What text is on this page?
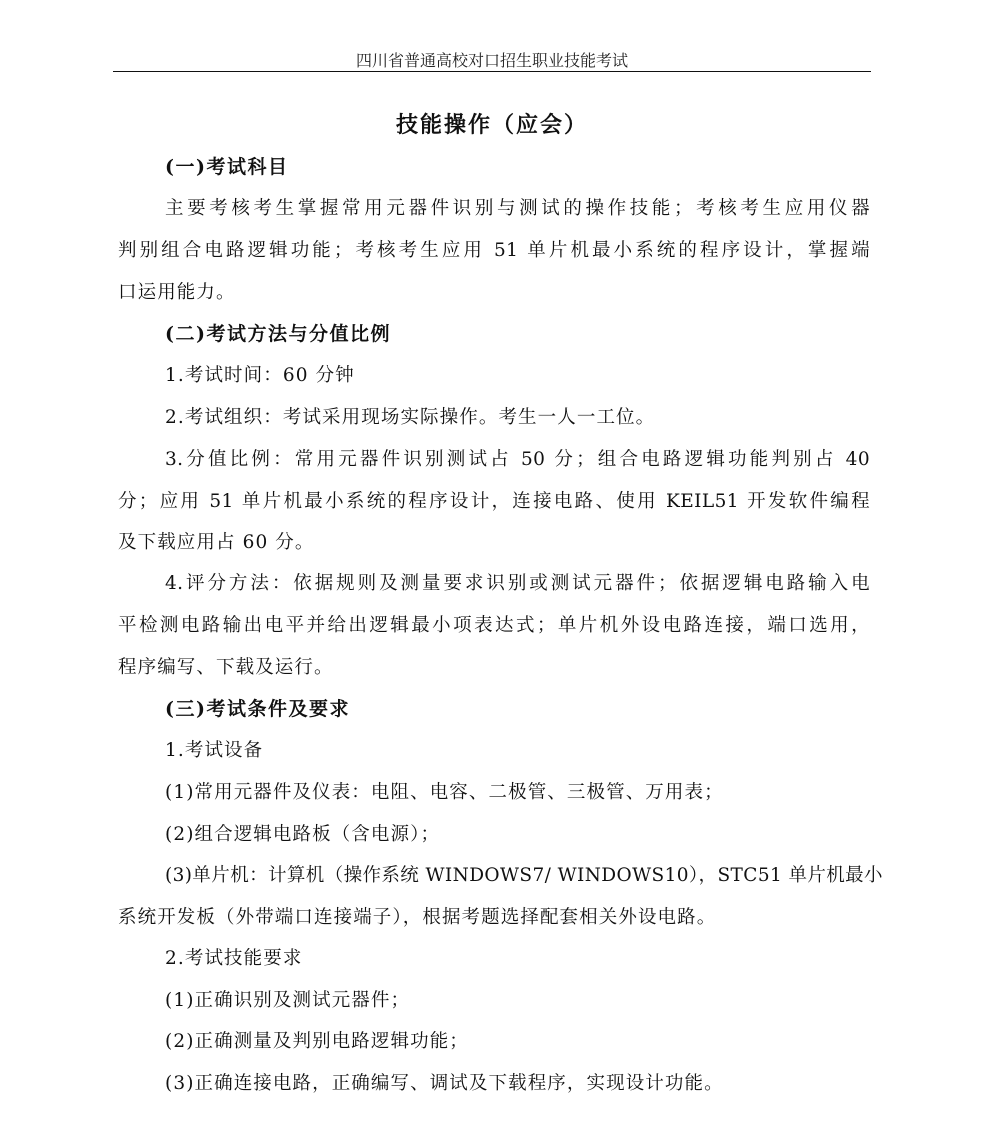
四川省普通高校对口招生职业技能考试
技能操作（应会）
(一)考试科目
主要考核考生掌握常用元器件识别与测试的操作技能；考核考生应用仪器
判别组合电路逻辑功能；考核考生应用 51 单片机最小系统的程序设计，掌握端
口运用能力。
(二)考试方法与分值比例
1.考试时间：60 分钟
2.考试组织：考试采用现场实际操作。考生一人一工位。
3.分值比例：常用元器件识别测试占 50 分；组合电路逻辑功能判别占 40
分；应用 51 单片机最小系统的程序设计，连接电路、使用 KEIL51 开发软件编程
及下载应用占 60 分。
4.评分方法：依据规则及测量要求识别或测试元器件；依据逻辑电路输入电
平检测电路输出电平并给出逻辑最小项表达式；单片机外设电路连接，端口选用，
程序编写、下载及运行。
(三)考试条件及要求
1.考试设备
(1)常用元器件及仪表：电阻、电容、二极管、三极管、万用表；
(2)组合逻辑电路板（含电源）；
(3)单片机：计算机（操作系统 WINDOWS7/ WINDOWS10），STC51 单片机最小
系统开发板（外带端口连接端子），根据考题选择配套相关外设电路。
2.考试技能要求
(1)正确识别及测试元器件；
(2)正确测量及判别电路逻辑功能；
(3)正确连接电路，正确编写、调试及下载程序，实现设计功能。
